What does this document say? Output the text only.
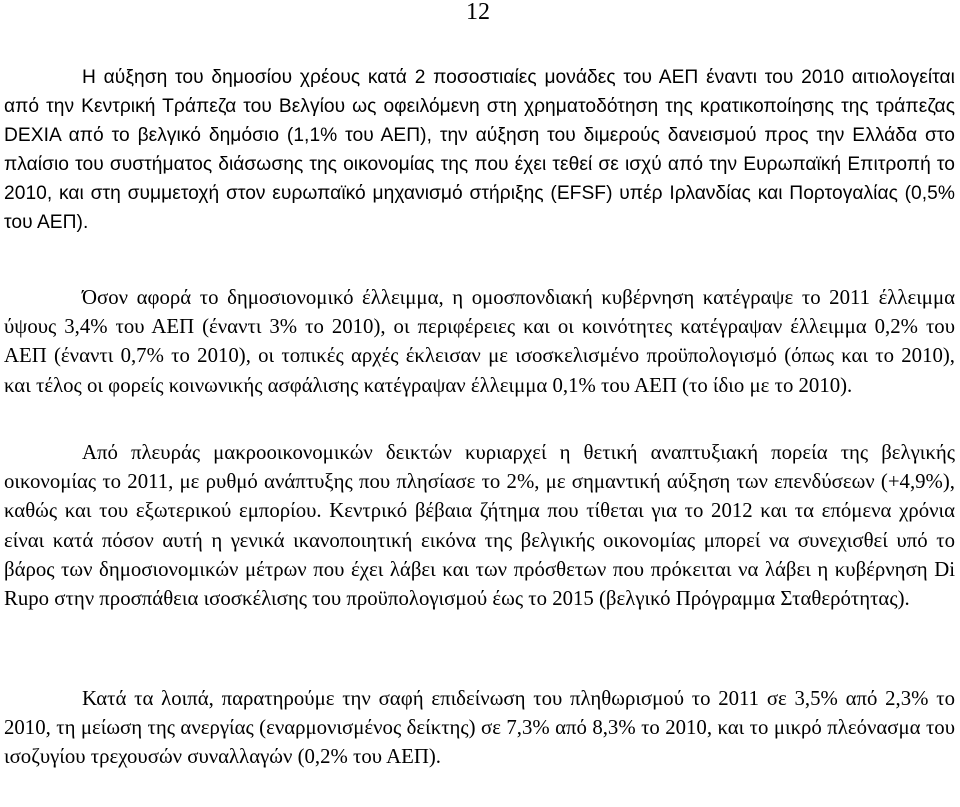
12

Η αύξηση του δημοσίου χρέους κατά 2 ποσοστιαίες μονάδες του ΑΕΠ έναντι του 2010 αιτιολογείται από την Κεντρική Τράπεζα του Βελγίου ως οφειλόμενη στη χρηματοδότηση της κρατικοποίησης της τράπεζας DEXIA από το βελγικό δημόσιο (1,1% του ΑΕΠ), την αύξηση του διμερούς δανεισμού προς την Ελλάδα στο πλαίσιο του συστήματος διάσωσης της οικονομίας της που έχει τεθεί σε ισχύ από την Ευρωπαϊκή Επιτροπή το 2010, και στη συμμετοχή στον ευρωπαϊκό μηχανισμό στήριξης (EFSF) υπέρ Ιρλανδίας και Πορτογαλίας (0,5% του ΑΕΠ).

Όσον αφορά το δημοσιονομικό έλλειμμα, η ομοσπονδιακή κυβέρνηση κατέγραψε το 2011 έλλειμμα ύψους 3,4% του ΑΕΠ (έναντι 3% το 2010), οι περιφέρειες και οι κοινότητες κατέγραψαν έλλειμμα 0,2% του ΑΕΠ (έναντι 0,7% το 2010), οι τοπικές αρχές έκλεισαν με ισοσκελισμένο προϋπολογισμό (όπως και το 2010), και τέλος οι φορείς κοινωνικής ασφάλισης κατέγραψαν έλλειμμα 0,1% του ΑΕΠ (το ίδιο με το 2010).

Από πλευράς μακροοικονομικών δεικτών κυριαρχεί η θετική αναπτυξιακή πορεία της βελγικής οικονομίας το 2011, με ρυθμό ανάπτυξης που πλησίασε το 2%, με σημαντική αύξηση των επενδύσεων (+4,9%), καθώς και του εξωτερικού εμπορίου. Κεντρικό βέβαια ζήτημα που τίθεται για το 2012 και τα επόμενα χρόνια είναι κατά πόσον αυτή η γενικά ικανοποιητική εικόνα της βελγικής οικονομίας μπορεί να συνεχισθεί υπό το βάρος των δημοσιονομικών μέτρων που έχει λάβει και των πρόσθετων που πρόκειται να λάβει η κυβέρνηση Di Rupo στην προσπάθεια ισοσκέλισης του προϋπολογισμού έως το 2015 (βελγικό Πρόγραμμα Σταθερότητας).

Κατά τα λοιπά, παρατηρούμε την σαφή επιδείνωση του πληθωρισμού το 2011 σε 3,5% από 2,3% το 2010, τη μείωση της ανεργίας (εναρμονισμένος δείκτης) σε 7,3% από 8,3% το 2010, και το μικρό πλεόνασμα του ισοζυγίου τρεχουσών συναλλαγών (0,2% του ΑΕΠ).
